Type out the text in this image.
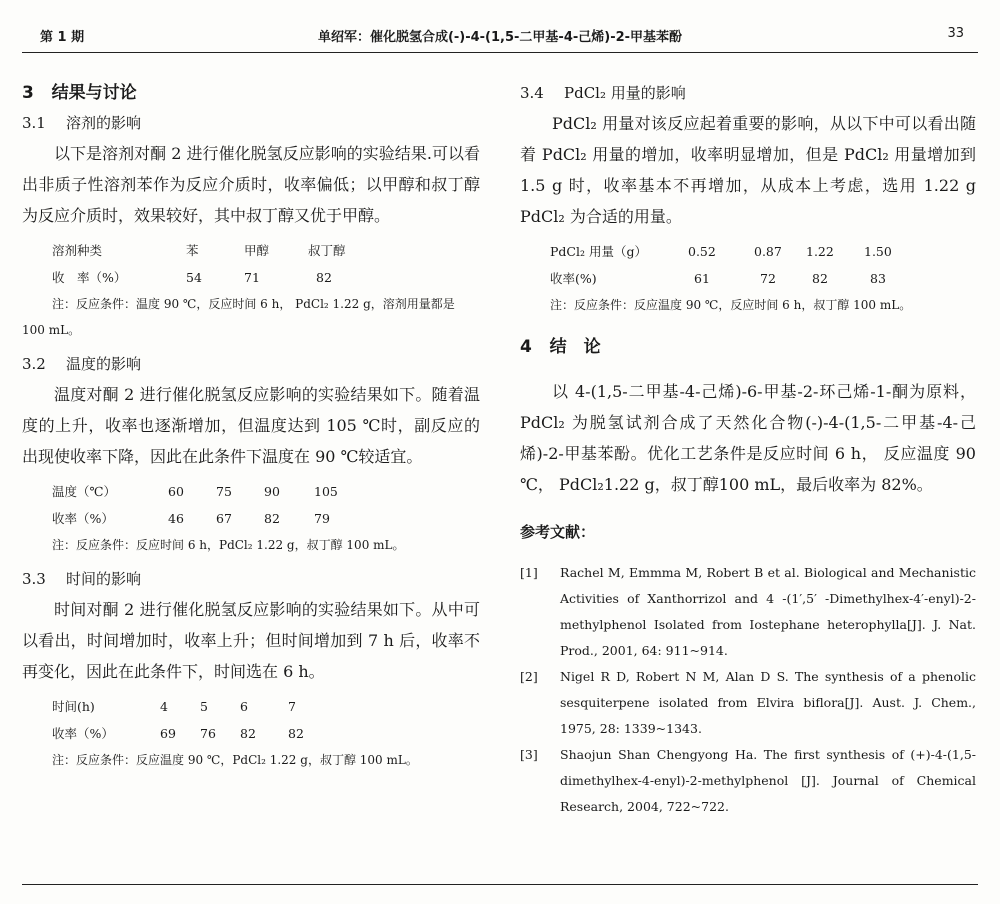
第 1 期	单绍军：催化脱氢合成(-)-4-(1,5-二甲基-4-己烯)-2-甲基苯酚	33
3 结果与讨论
3.1 溶剂的影响

以下是溶剂对酮 2 进行催化脱氢反应影响的实验结果.可以看出非质子性溶剂苯作为反应介质时，收率偏低；以甲醇和叔丁醇为反应介质时，效果较好，其中叔丁醇又优于甲醇。

溶剂种类	苯	甲醇	叔丁醇
收　率（%）	54	71	82
注：反应条件：温度 90 ℃，反应时间 6 h， PdCl₂ 1.22 g，溶剂用量都是 100 mL。
3.2 温度的影响

温度对酮 2 进行催化脱氢反应影响的实验结果如下。随着温度的上升，收率也逐渐增加，但温度达到 105 ℃时，副反应的出现使收率下降，因此在此条件下温度在 90 ℃较适宜。

温度（℃）	60	75	90	105
收率（%）	46	67	82	79
注：反应条件：反应时间 6 h，PdCl₂ 1.22 g，叔丁醇 100 mL。
3.3 时间的影响

时间对酮 2 进行催化脱氢反应影响的实验结果如下。从中可以看出，时间增加时，收率上升；但时间增加到 7 h 后，收率不再变化，因此在此条件下，时间选在 6 h。

时间(h)	4	5	6	7
收率（%）	69	76	82	82
注：反应条件：反应温度 90 ℃，PdCl₂ 1.22 g，叔丁醇 100 mL。
3.4 PdCl₂ 用量的影响

PdCl₂ 用量对该反应起着重要的影响，从以下中可以看出随着 PdCl₂ 用量的增加，收率明显增加，但是 PdCl₂ 用量增加到 1.5 g 时，收率基本不再增加，从成本上考虑，选用 1.22 g PdCl₂ 为合适的用量。

PdCl₂ 用量（g）	0.52	0.87	1.22	1.50
收率(%)	61	72	82	83
注：反应条件：反应温度 90 ℃，反应时间 6 h，叔丁醇 100 mL。
4 结　论

以 4-(1,5-二甲基-4-己烯)-6-甲基-2-环己烯-1-酮为原料，PdCl₂ 为脱氢试剂合成了天然化合物(-)-4-(1,5-二甲基-4-己烯)-2-甲基苯酚。优化工艺条件是反应时间 6 h， 反应温度 90 ℃， PdCl₂1.22 g，叔丁醇100 mL，最后收率为 82%。

参考文献：
[1] Rachel M, Emmma M, Robert B et al. Biological and Mechanistic Activities of Xanthorrizol and 4 -(1′,5′ -Dimethylhex-4′-enyl)-2-methylphenol Isolated from Iostephane heterophylla[J]. J. Nat. Prod., 2001, 64: 911~914.
[2] Nigel R D, Robert N M, Alan D S. The synthesis of a phenolic sesquiterpene isolated from Elvira biflora[J]. Aust. J. Chem., 1975, 28: 1339~1343.
[3] Shaojun Shan Chengyong Ha. The first synthesis of (+)-4-(1,5-dimethylhex-4-enyl)-2-methylphenol [J]. Journal of Chemical Research, 2004, 722~722.
